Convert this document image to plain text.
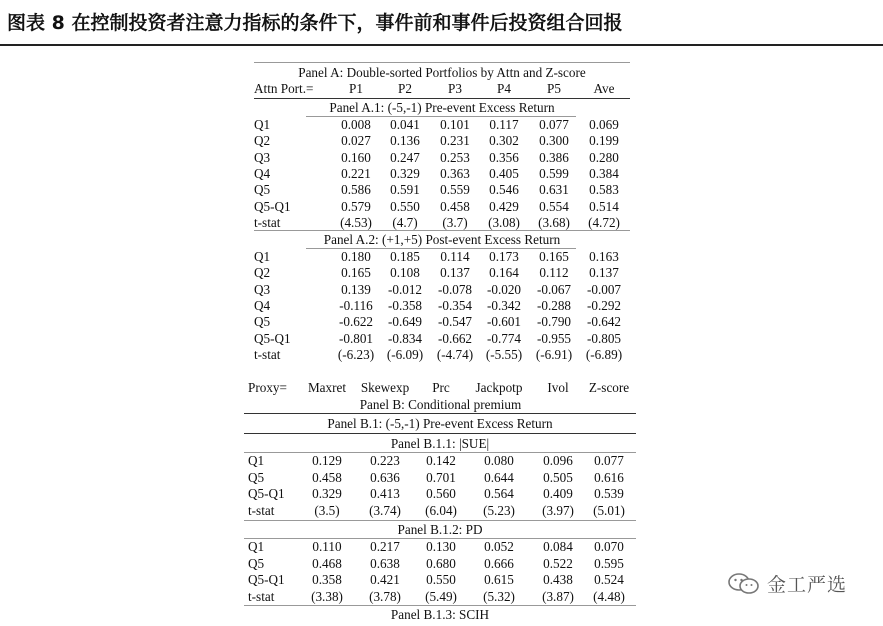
图表 8 在控制投资者注意力指标的条件下，事件前和事件后投资组合回报
Panel A: Double-sorted Portfolios by Attn and Z-score
Attn Port.=	P1	P2	P3	P4	P5	Ave
Panel A.1: (-5,-1) Pre-event Excess Return
Q1	0.008	0.041	0.101	0.117	0.077	0.069
Q2	0.027	0.136	0.231	0.302	0.300	0.199
Q3	0.160	0.247	0.253	0.356	0.386	0.280
Q4	0.221	0.329	0.363	0.405	0.599	0.384
Q5	0.586	0.591	0.559	0.546	0.631	0.583
Q5-Q1	0.579	0.550	0.458	0.429	0.554	0.514
t-stat	(4.53)	(4.7)	(3.7)	(3.08)	(3.68)	(4.72)
Panel A.2: (+1,+5) Post-event Excess Return
Q1	0.180	0.185	0.114	0.173	0.165	0.163
Q2	0.165	0.108	0.137	0.164	0.112	0.137
Q3	0.139	-0.012	-0.078	-0.020	-0.067	-0.007
Q4	-0.116	-0.358	-0.354	-0.342	-0.288	-0.292
Q5	-0.622	-0.649	-0.547	-0.601	-0.790	-0.642
Q5-Q1	-0.801	-0.834	-0.662	-0.774	-0.955	-0.805
t-stat	(-6.23) (-6.09)	(-4.74) (-5.55)	(-6.91)	(-6.89)
Proxy=	Maxret	Skewexp	Prc	Jackpotp	Ivol	Z-score
Panel B: Conditional premium
Panel B.1: (-5,-1) Pre-event Excess Return
Panel B.1.1: |SUE|
Q1	0.129	0.223	0.142	0.080	0.096	0.077
Q5	0.458	0.636	0.701	0.644	0.505	0.616
Q5-Q1	0.329	0.413	0.560	0.564	0.409	0.539
t-stat	(3.5)	(3.74)	(6.04)	(5.23)	(3.97)	(5.01)
Panel B.1.2: PD
Q1	0.110	0.217	0.130	0.052	0.084	0.070
Q5	0.468	0.638	0.680	0.666	0.522	0.595
Q5-Q1	0.358	0.421	0.550	0.615	0.438	0.524
t-stat	(3.38)	(3.78)	(5.49)	(5.32)	(3.87)	(4.48)
Panel B.1.3: SCIH
金工严选
